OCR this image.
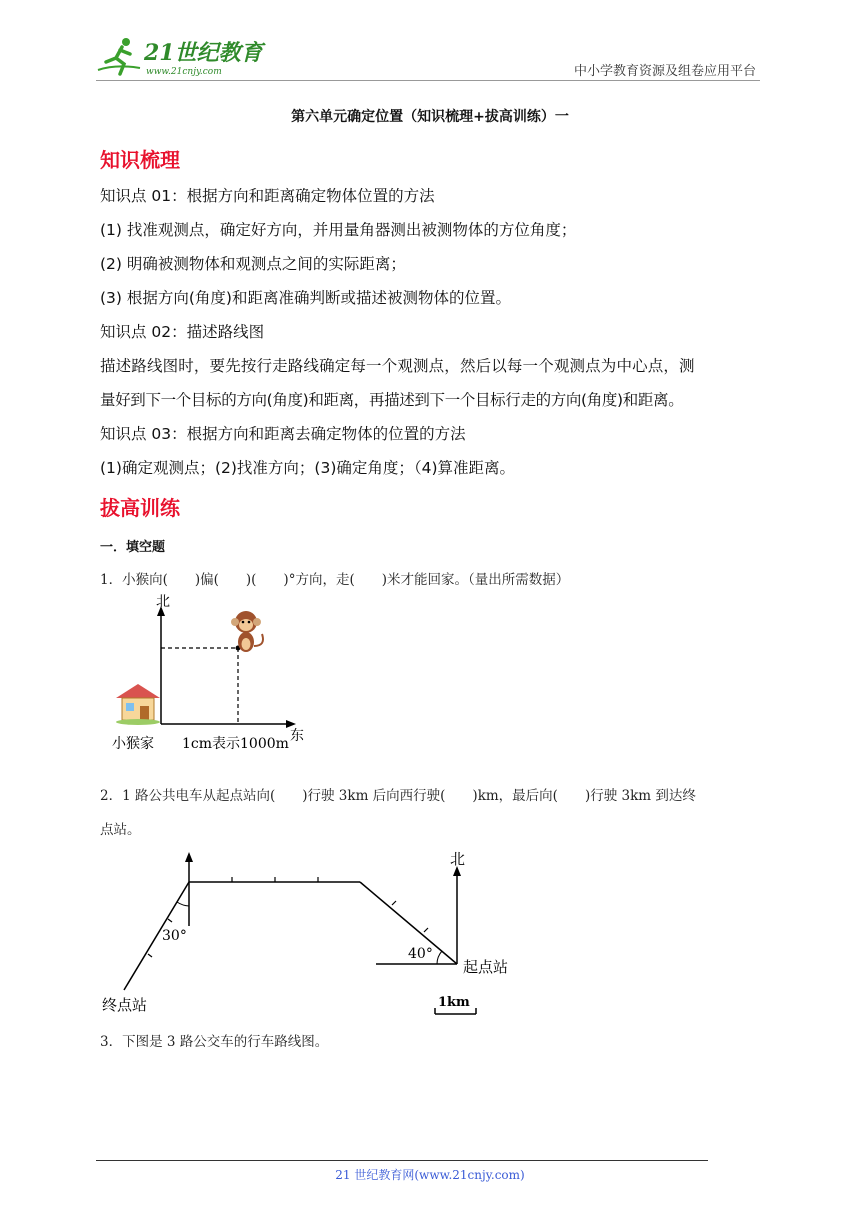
21世纪教育
www.21cnjy.com	中小学教育资源及组卷应用平台
第六单元确定位置（知识梳理+拔高训练）一
知识梳理
知识点 01：根据方向和距离确定物体位置的方法
(1) 找准观测点，确定好方向，并用量角器测出被测物体的方位角度；
(2) 明确被测物体和观测点之间的实际距离；
(3) 根据方向(角度)和距离准确判断或描述被测物体的位置。
知识点 02：描述路线图
描述路线图时，要先按行走路线确定每一个观测点，然后以每一个观测点为中心点，测
量好到下一个目标的方向(角度)和距离，再描述到下一个目标行走的方向(角度)和距离。
知识点 03：根据方向和距离去确定物体的位置的方法
(1)确定观测点；(2)找准方向；(3)确定角度；（4)算准距离。
拔高训练
一．填空题
1．小猴向(　　)偏(　　)(　　)°方向，走(　　)米才能回家。（量出所需数据）
北
东
小猴家 1cm表示1000m
2．1 路公共电车从起点站向(　　)行驶 3km 后向西行驶(　　)km，最后向(　　)行驶 3km 到达终
点站。
北
起点站
终点站
30°
40°
1km
3．下图是 3 路公交车的行车路线图。
21 世纪教育网(www.21cnjy.com)
